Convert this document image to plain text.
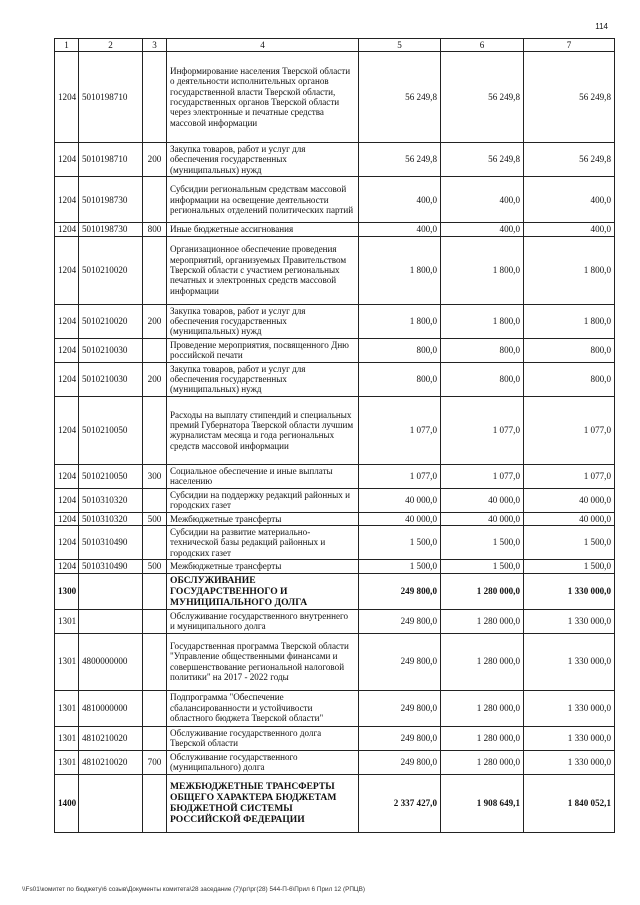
114
1	2	3	4	5	6	7
1204	5010198710		Информирование населения Тверской области о деятельности исполнительных органов государственной власти Тверской области, государственных органов Тверской области через электронные и печатные средства массовой информации	56 249,8	56 249,8	56 249,8
1204	5010198710	200	Закупка товаров, работ и услуг для обеспечения государственных (муниципальных) нужд	56 249,8	56 249,8	56 249,8
1204	5010198730		Субсидии региональным средствам массовой информации на освещение деятельности региональных отделений политических партий	400,0	400,0	400,0
1204	5010198730	800	Иные бюджетные ассигнования	400,0	400,0	400,0
1204	5010210020		Организационное обеспечение проведения мероприятий, организуемых Правительством Тверской области с участием региональных печатных и электронных средств массовой информации	1 800,0	1 800,0	1 800,0
1204	5010210020	200	Закупка товаров, работ и услуг для обеспечения государственных (муниципальных) нужд	1 800,0	1 800,0	1 800,0
1204	5010210030		Проведение мероприятия, посвященного Дню российской печати	800,0	800,0	800,0
1204	5010210030	200	Закупка товаров, работ и услуг для обеспечения государственных (муниципальных) нужд	800,0	800,0	800,0
1204	5010210050		Расходы на выплату стипендий и специальных премий Губернатора Тверской области лучшим журналистам месяца и года региональных средств массовой информации	1 077,0	1 077,0	1 077,0
1204	5010210050	300	Социальное обеспечение и иные выплаты населению	1 077,0	1 077,0	1 077,0
1204	5010310320		Субсидии на поддержку редакций районных и городских газет	40 000,0	40 000,0	40 000,0
1204	5010310320	500	Межбюджетные трансферты	40 000,0	40 000,0	40 000,0
1204	5010310490		Субсидии на развитие материально-технической базы редакций районных и городских газет	1 500,0	1 500,0	1 500,0
1204	5010310490	500	Межбюджетные трансферты	1 500,0	1 500,0	1 500,0
1300			ОБСЛУЖИВАНИЕ ГОСУДАРСТВЕННОГО И МУНИЦИПАЛЬНОГО ДОЛГА	249 800,0	1 280 000,0	1 330 000,0
1301			Обслуживание государственного внутреннего и муниципального долга	249 800,0	1 280 000,0	1 330 000,0
1301	4800000000		Государственная программа Тверской области "Управление общественными финансами и совершенствование региональной налоговой политики" на 2017 - 2022 годы	249 800,0	1 280 000,0	1 330 000,0
1301	4810000000		Подпрограмма "Обеспечение сбалансированности и устойчивости областного бюджета Тверской области"	249 800,0	1 280 000,0	1 330 000,0
1301	4810210020		Обслуживание государственного долга Тверской области	249 800,0	1 280 000,0	1 330 000,0
1301	4810210020	700	Обслуживание государственного (муниципального) долга	249 800,0	1 280 000,0	1 330 000,0
1400			МЕЖБЮДЖЕТНЫЕ ТРАНСФЕРТЫ ОБЩЕГО ХАРАКТЕРА БЮДЖЕТАМ БЮДЖЕТНОЙ СИСТЕМЫ РОССИЙСКОЙ ФЕДЕРАЦИИ	2 337 427,0	1 908 649,1	1 840 052,1
\\Fs01\комитет по бюджету\6 созыв\Документы комитета\28 заседание (7)\рг\рг(28) 544-П-6\Прил 6 Прил 12 (РПЦВ)
